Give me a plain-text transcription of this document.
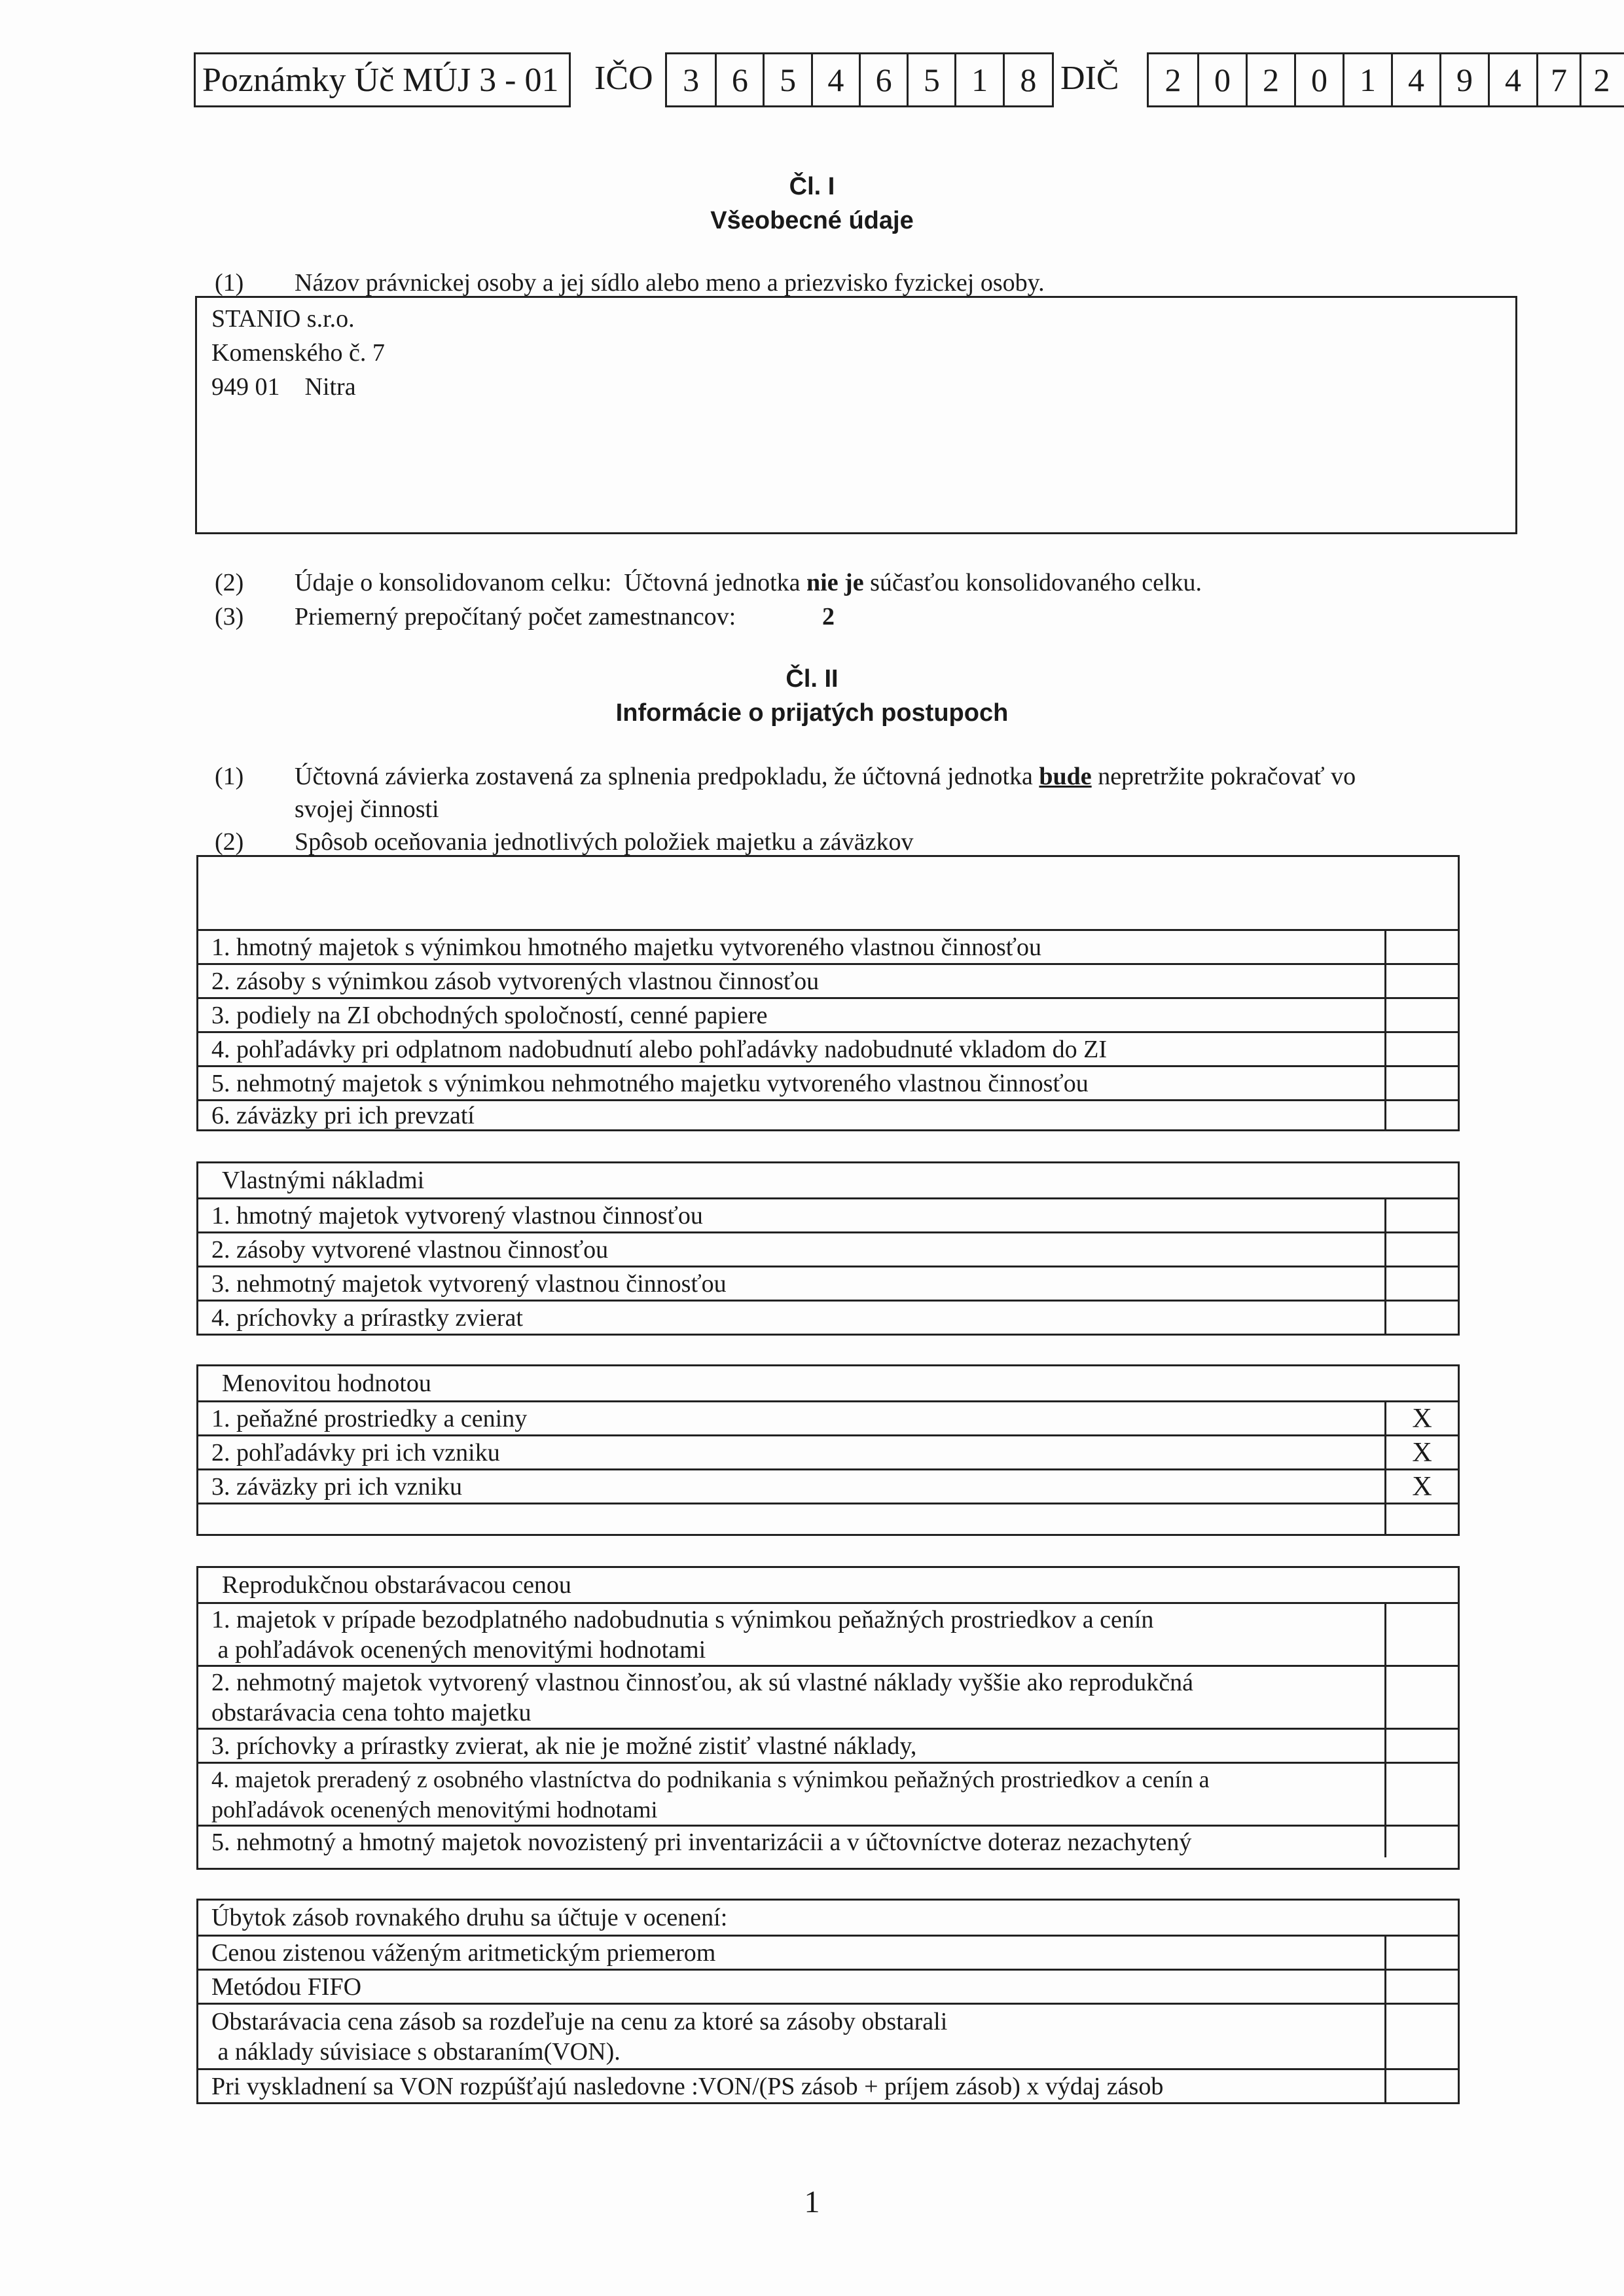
Poznámky Úč MÚJ 3 - 01	IČO 3 6 5 4 6 5 1 8 DIČ	2	0 2 0 1 4 9 4 7 2
Čl. I
Všeobecné údaje
(1) Názov právnickej osoby a jej sídlo alebo meno a priezvisko fyzickej osoby.
STANIO s.r.o.
Komenského č. 7
949 01    Nitra
(2) Údaje o konsolidovanom celku:  Účtovná jednotka nie je súčasťou konsolidovaného celku.
(3) Priemerný prepočítaný počet zamestnancov:	2
Čl. II
Informácie o prijatých postupoch
(1) Účtovná závierka zostavená za splnenia predpokladu, že účtovná jednotka bude nepretržite pokračovať vo
svojej činnosti
(2) Spôsob oceňovania jednotlivých položiek majetku a záväzkov
1. hmotný majetok s výnimkou hmotného majetku vytvoreného vlastnou činnosťou
2. zásoby s výnimkou zásob vytvorených vlastnou činnosťou
3. podiely na ZI obchodných spoločností, cenné papiere
4. pohľadávky pri odplatnom nadobudnutí alebo pohľadávky nadobudnuté vkladom do ZI
5. nehmotný majetok s výnimkou nehmotného majetku vytvoreného vlastnou činnosťou
6. záväzky pri ich prevzatí
Vlastnými nákladmi
1. hmotný majetok vytvorený vlastnou činnosťou
2. zásoby vytvorené vlastnou činnosťou
3. nehmotný majetok vytvorený vlastnou činnosťou
4. príchovky a prírastky zvierat
Menovitou hodnotou
1. peňažné prostriedky a ceniny	X
2. pohľadávky pri ich vzniku	X
3. záväzky pri ich vzniku	X
Reprodukčnou obstarávacou cenou
1. majetok v prípade bezodplatného nadobudnutia s výnimkou peňažných prostriedkov a cenín
a pohľadávok ocenených menovitými hodnotami
2. nehmotný majetok vytvorený vlastnou činnosťou, ak sú vlastné náklady vyššie ako reprodukčná
obstarávacia cena tohto majetku
3. príchovky a prírastky zvierat, ak nie je možné zistiť vlastné náklady,
4. majetok preradený z osobného vlastníctva do podnikania s výnimkou peňažných prostriedkov a cenín a
pohľadávok ocenených menovitými hodnotami
5. nehmotný a hmotný majetok novozistený pri inventarizácii a v účtovníctve doteraz nezachytený
Úbytok zásob rovnakého druhu sa účtuje v ocenení:
Cenou zistenou váženým aritmetickým priemerom
Metódou FIFO
Obstarávacia cena zásob sa rozdeľuje na cenu za ktoré sa zásoby obstarali
a náklady súvisiace s obstaraním(VON).
Pri vyskladnení sa VON rozpúšťajú nasledovne :VON/(PS zásob + príjem zásob) x výdaj zásob
1
